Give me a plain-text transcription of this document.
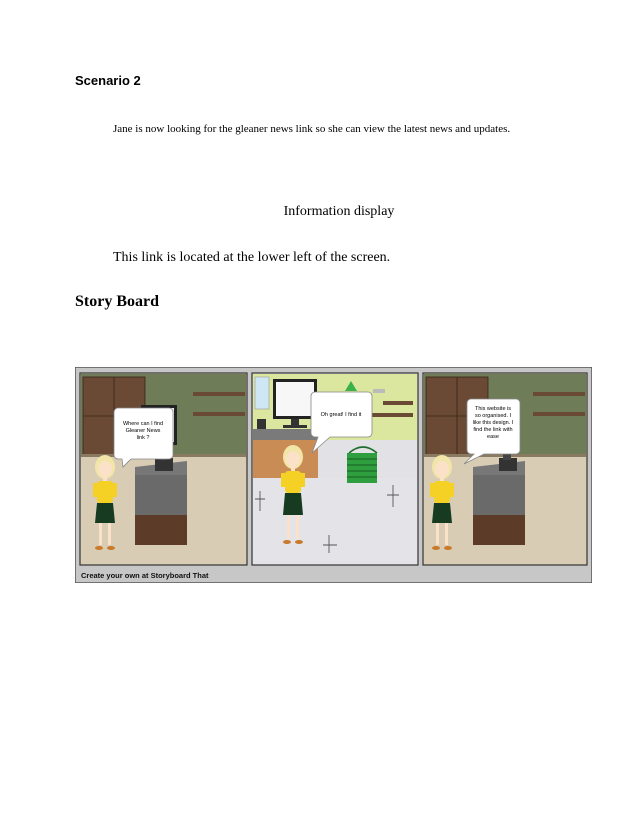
Scenario 2
Jane is now looking for the gleaner news link so she can view the latest news and updates.
Information display
This link is located at the lower left of the screen.
Story Board
Where can I find
Gleaner News
link ?
Oh great! I find it
This website is
so organised. I
like this design. I
find the link with
ease
Create your own at Storyboard That
